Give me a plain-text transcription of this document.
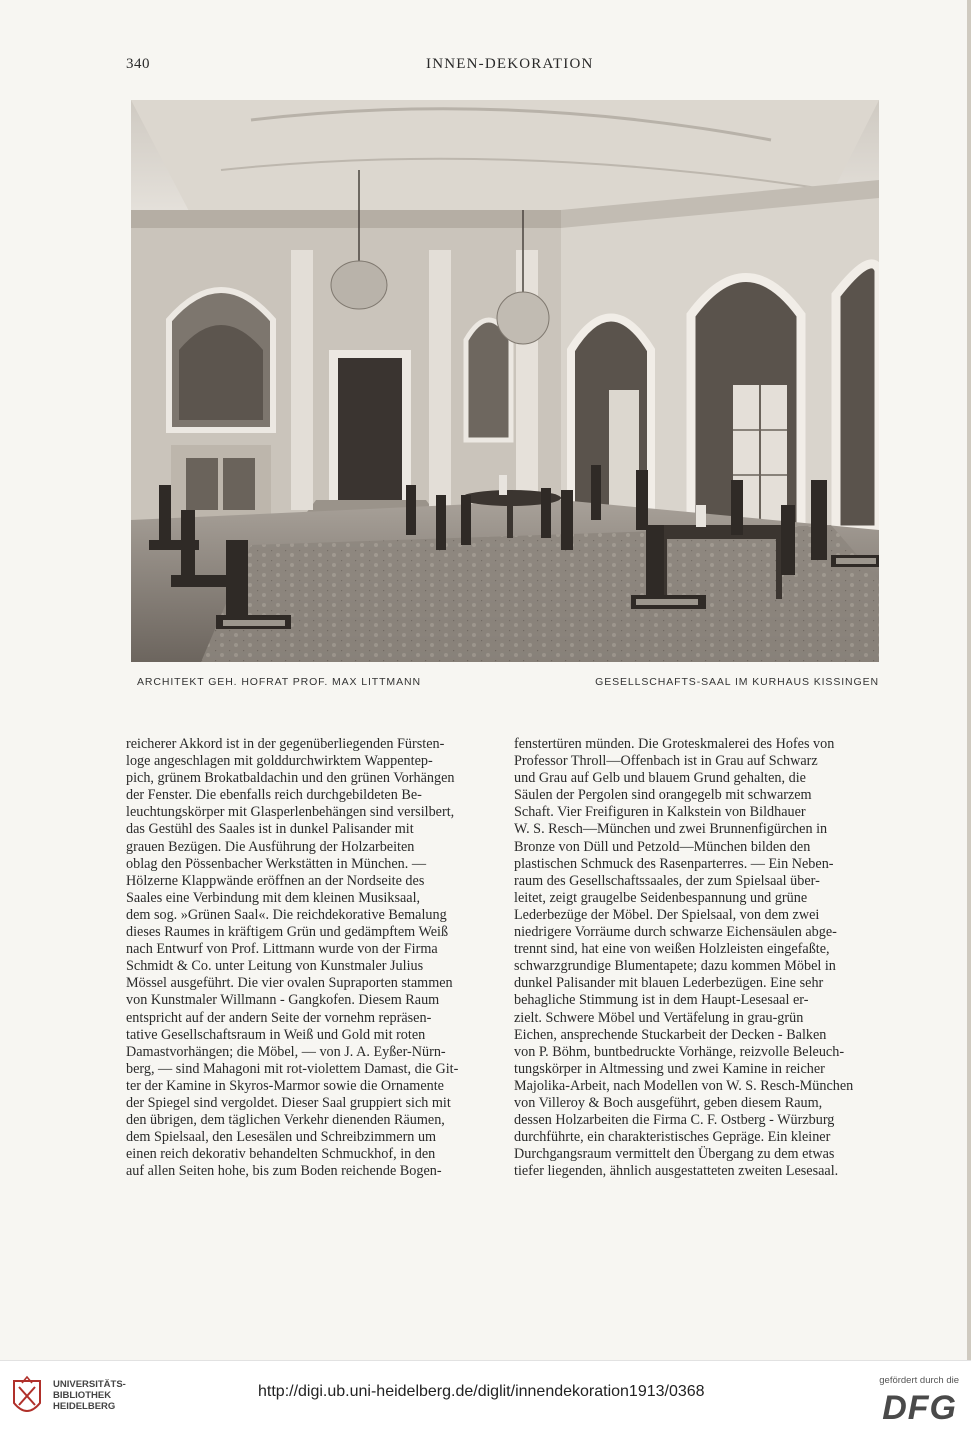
340	INNEN-DEKORATION
ARCHITEKT GEH. HOFRAT PROF. MAX LITTMANN	GESELLSCHAFTS-SAAL IM KURHAUS KISSINGEN
reicherer Akkord ist in der gegenüberliegenden Fürsten-
loge angeschlagen mit golddurchwirktem Wappentep-
pich, grünem Brokatbaldachin und den grünen Vorhängen
der Fenster. Die ebenfalls reich durchgebildeten Be-
leuchtungskörper mit Glasperlenbehängen sind versilbert,
das Gestühl des Saales ist in dunkel Palisander mit
grauen Bezügen. Die Ausführung der Holzarbeiten
oblag den Pössenbacher Werkstätten in München. —
Hölzerne Klappwände eröffnen an der Nordseite des
Saales eine Verbindung mit dem kleinen Musiksaal,
dem sog. »Grünen Saal«. Die reichdekorative Bemalung
dieses Raumes in kräftigem Grün und gedämpftem Weiß
nach Entwurf von Prof. Littmann wurde von der Firma
Schmidt & Co. unter Leitung von Kunstmaler Julius
Mössel ausgeführt. Die vier ovalen Supraporten stammen
von Kunstmaler Willmann - Gangkofen. Diesem Raum
entspricht auf der andern Seite der vornehm repräsen-
tative Gesellschaftsraum in Weiß und Gold mit roten
Damastvorhängen; die Möbel, — von J. A. Eyßer-Nürn-
berg, — sind Mahagoni mit rot-violettem Damast, die Git-
ter der Kamine in Skyros-Marmor sowie die Ornamente
der Spiegel sind vergoldet. Dieser Saal gruppiert sich mit
den übrigen, dem täglichen Verkehr dienenden Räumen,
dem Spielsaal, den Lesesälen und Schreibzimmern um
einen reich dekorativ behandelten Schmuckhof, in den
auf allen Seiten hohe, bis zum Boden reichende Bogen-
fenstertüren münden. Die Groteskmalerei des Hofes von
Professor Throll—Offenbach ist in Grau auf Schwarz
und Grau auf Gelb und blauem Grund gehalten, die
Säulen der Pergolen sind orangegelb mit schwarzem
Schaft. Vier Freifiguren in Kalkstein von Bildhauer
W. S. Resch—München und zwei Brunnenfigürchen in
Bronze von Düll und Petzold—München bilden den
plastischen Schmuck des Rasenparterres. — Ein Neben-
raum des Gesellschaftssaales, der zum Spielsaal über-
leitet, zeigt graugelbe Seidenbespannung und grüne
Lederbezüge der Möbel. Der Spielsaal, von dem zwei
niedrigere Vorräume durch schwarze Eichensäulen abge-
trennt sind, hat eine von weißen Holzleisten eingefaßte,
schwarzgrundige Blumentapete; dazu kommen Möbel in
dunkel Palisander mit blauen Lederbezügen. Eine sehr
behagliche Stimmung ist in dem Haupt-Lesesaal er-
zielt. Schwere Möbel und Vertäfelung in grau-grün
Eichen, ansprechende Stuckarbeit der Decken - Balken
von P. Böhm, buntbedruckte Vorhänge, reizvolle Beleuch-
tungskörper in Altmessing und zwei Kamine in reicher
Majolika-Arbeit, nach Modellen von W. S. Resch-München
von Villeroy & Boch ausgeführt, geben diesem Raum,
dessen Holzarbeiten die Firma C. F. Ostberg - Würzburg
durchführte, ein charakteristisches Gepräge. Ein kleiner
Durchgangsraum vermittelt den Übergang zu dem etwas
tiefer liegenden, ähnlich ausgestatteten zweiten Lesesaal.
UNIVERSITÄTS-
BIBLIOTHEK
HEIDELBERG
http://digi.ub.uni-heidelberg.de/diglit/innendekoration1913/0368
gefördert durch die
DFG
